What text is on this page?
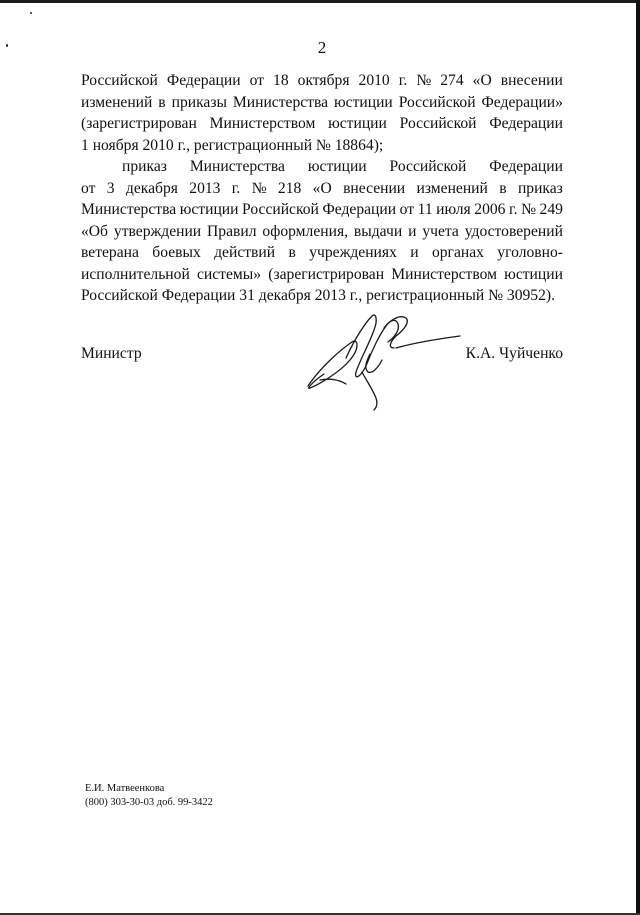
2
Российской Федерации от 18 октября 2010 г. № 274 «О внесении
изменений в приказы Министерства юстиции Российской Федерации»
(зарегистрирован Министерством юстиции Российской Федерации
1 ноября 2010 г., регистрационный № 18864);
приказ Министерства юстиции Российской Федерации
от 3 декабря 2013 г. № 218 «О внесении изменений в приказ
Министерства юстиции Российской Федерации от 11 июля 2006 г. № 249
«Об утверждении Правил оформления, выдачи и учета удостоверений
ветерана боевых действий в учреждениях и органах уголовно-
исполнительной системы» (зарегистрирован Министерством юстиции
Российской Федерации 31 декабря 2013 г., регистрационный № 30952).
Министр	К.А. Чуйченко
Е.И. Матвеенкова
(800) 303-30-03 доб. 99-3422
